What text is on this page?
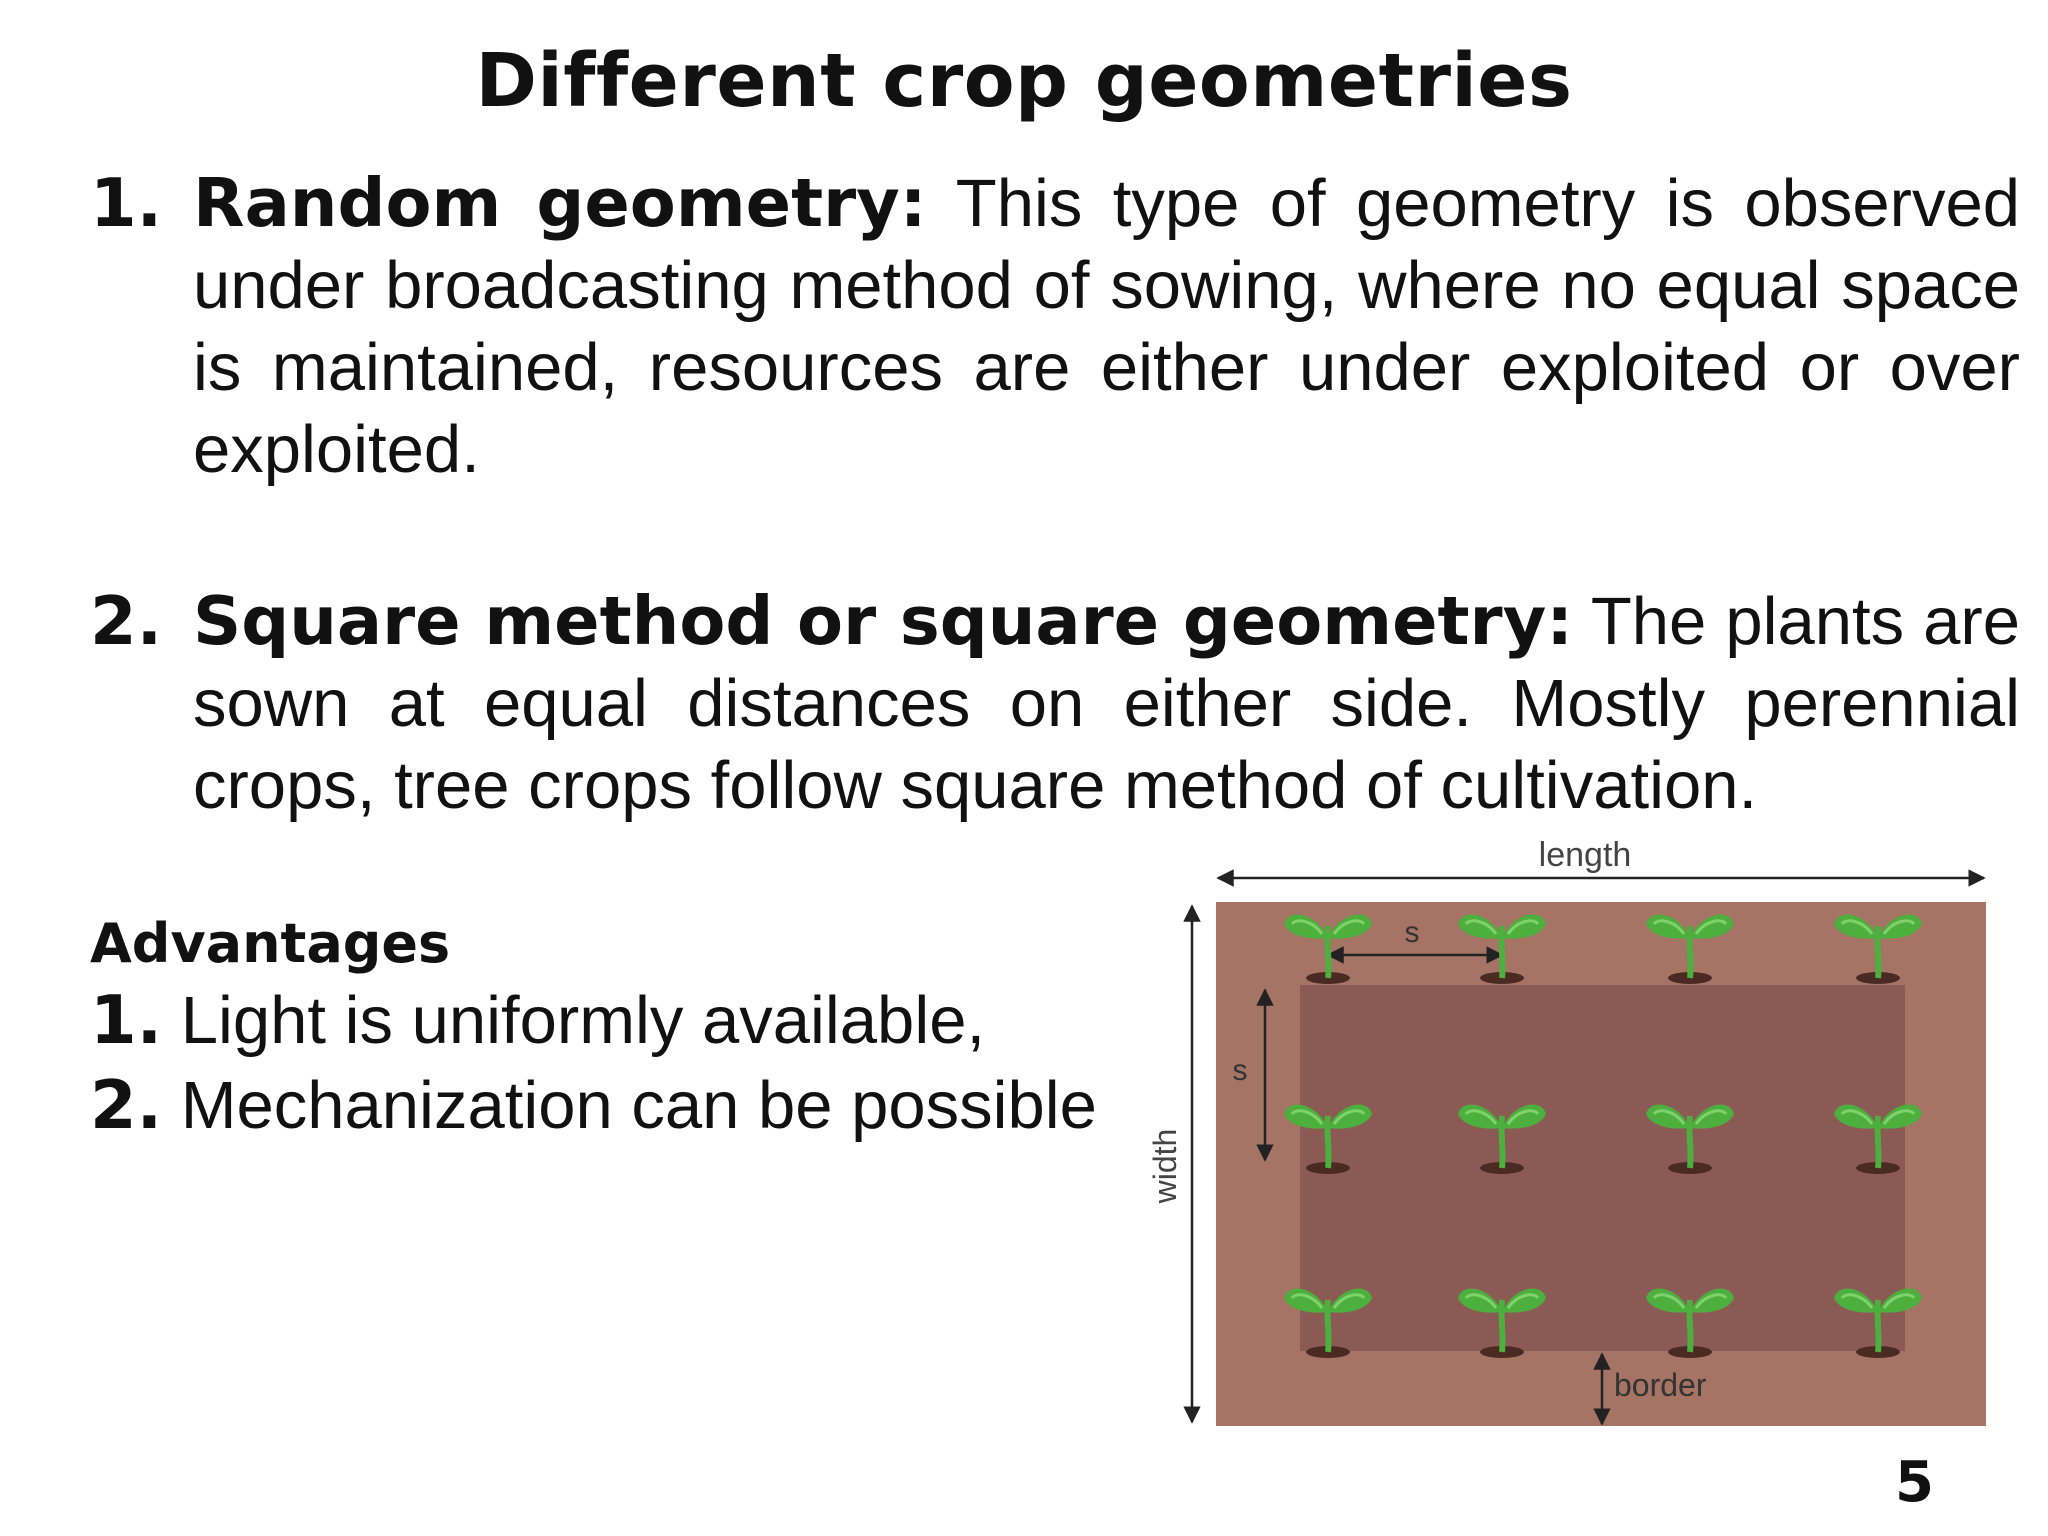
Different crop geometries
1. Random geometry: This type of geometry is observed under broadcasting method of sowing, where no equal space is maintained, resources are either under exploited or over exploited.
2. Square method or square geometry: The plants are sown at equal distances on either side. Mostly perennial crops, tree crops follow square method of cultivation.
Advantages
1. Light is uniformly available,
2. Mechanization can be possible
length
width
s
s
border
5
